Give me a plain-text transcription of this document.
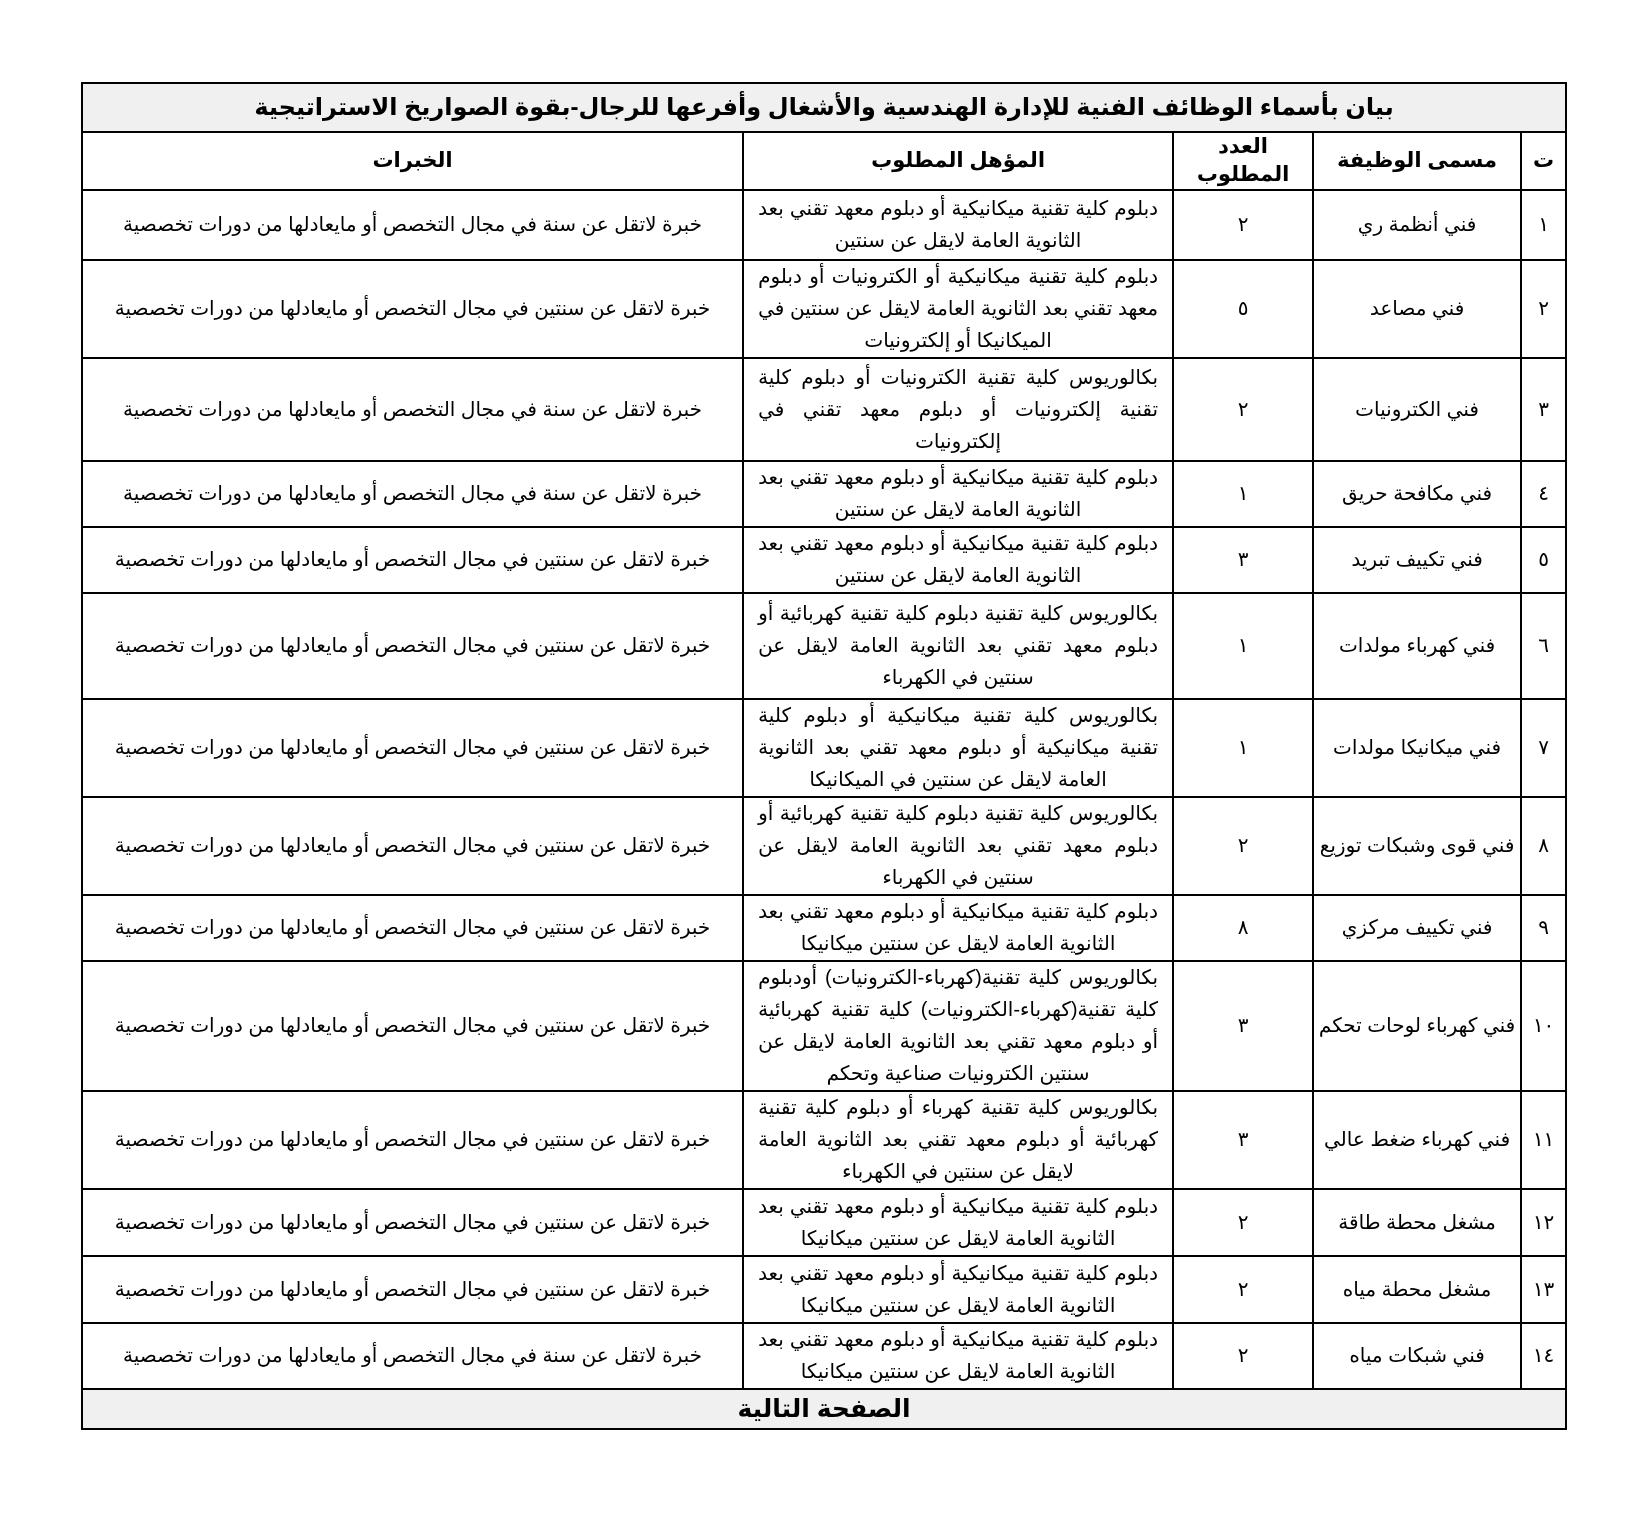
بيان بأسماء الوظائف الفنية للإدارة الهندسية والأشغال وأفرعها للرجال-بقوة الصواريخ الاستراتيجية				
ت	مسمى الوظيفة	العدد المطلوب	المؤهل المطلوب	الخبرات
١	فني أنظمة ري	٢	دبلوم كلية تقنية ميكانيكية أو دبلوم معهد تقني بعد الثانوية العامة لايقل عن سنتين	خبرة لاتقل عن سنة في مجال التخصص أو مايعادلها من دورات تخصصية
٢	فني مصاعد	٥	دبلوم كلية تقنية ميكانيكية أو الكترونيات أو دبلوم معهد تقني بعد الثانوية العامة لايقل عن سنتين في الميكانيكا أو إلكترونيات	خبرة لاتقل عن سنتين في مجال التخصص أو مايعادلها من دورات تخصصية
٣	فني الكترونيات	٢	بكالوريوس كلية تقنية الكترونيات أو دبلوم كلية تقنية إلكترونيات أو دبلوم معهد تقني في إلكترونيات	خبرة لاتقل عن سنة في مجال التخصص أو مايعادلها من دورات تخصصية
٤	فني مكافحة حريق	١	دبلوم كلية تقنية ميكانيكية أو دبلوم معهد تقني بعد الثانوية العامة لايقل عن سنتين	خبرة لاتقل عن سنة في مجال التخصص أو مايعادلها من دورات تخصصية
٥	فني تكييف تبريد	٣	دبلوم كلية تقنية ميكانيكية أو دبلوم معهد تقني بعد الثانوية العامة لايقل عن سنتين	خبرة لاتقل عن سنتين في مجال التخصص أو مايعادلها من دورات تخصصية
٦	فني كهرباء مولدات	١	بكالوريوس كلية تقنية دبلوم كلية تقنية كهربائية أو دبلوم معهد تقني بعد الثانوية العامة لايقل عن سنتين في الكهرباء	خبرة لاتقل عن سنتين في مجال التخصص أو مايعادلها من دورات تخصصية
٧	فني ميكانيكا مولدات	١	بكالوريوس كلية تقنية ميكانيكية أو دبلوم كلية تقنية ميكانيكية أو دبلوم معهد تقني بعد الثانوية العامة لايقل عن سنتين في الميكانيكا	خبرة لاتقل عن سنتين في مجال التخصص أو مايعادلها من دورات تخصصية
٨	فني قوى وشبكات توزيع	٢	بكالوريوس كلية تقنية دبلوم كلية تقنية كهربائية أو دبلوم معهد تقني بعد الثانوية العامة لايقل عن سنتين في الكهرباء	خبرة لاتقل عن سنتين في مجال التخصص أو مايعادلها من دورات تخصصية
٩	فني تكييف مركزي	٨	دبلوم كلية تقنية ميكانيكية أو دبلوم معهد تقني بعد الثانوية العامة لايقل عن سنتين ميكانيكا	خبرة لاتقل عن سنتين في مجال التخصص أو مايعادلها من دورات تخصصية
١٠	فني كهرباء لوحات تحكم	٣	بكالوريوس كلية تقنية(كهرباء-الكترونيات) أودبلوم كلية تقنية(كهرباء-الكترونيات) كلية تقنية كهربائية أو دبلوم معهد تقني بعد الثانوية العامة لايقل عن سنتين الكترونيات صناعية وتحكم	خبرة لاتقل عن سنتين في مجال التخصص أو مايعادلها من دورات تخصصية
١١	فني كهرباء ضغط عالي	٣	بكالوريوس كلية تقنية كهرباء أو دبلوم كلية تقنية كهربائية أو دبلوم معهد تقني بعد الثانوية العامة لايقل عن سنتين في الكهرباء	خبرة لاتقل عن سنتين في مجال التخصص أو مايعادلها من دورات تخصصية
١٢	مشغل محطة طاقة	٢	دبلوم كلية تقنية ميكانيكية أو دبلوم معهد تقني بعد الثانوية العامة لايقل عن سنتين ميكانيكا	خبرة لاتقل عن سنتين في مجال التخصص أو مايعادلها من دورات تخصصية
١٣	مشغل محطة مياه	٢	دبلوم كلية تقنية ميكانيكية أو دبلوم معهد تقني بعد الثانوية العامة لايقل عن سنتين ميكانيكا	خبرة لاتقل عن سنتين في مجال التخصص أو مايعادلها من دورات تخصصية
١٤	فني شبكات مياه	٢	دبلوم كلية تقنية ميكانيكية أو دبلوم معهد تقني بعد الثانوية العامة لايقل عن سنتين ميكانيكا	خبرة لاتقل عن سنة في مجال التخصص أو مايعادلها من دورات تخصصية
الصفحة التالية				
